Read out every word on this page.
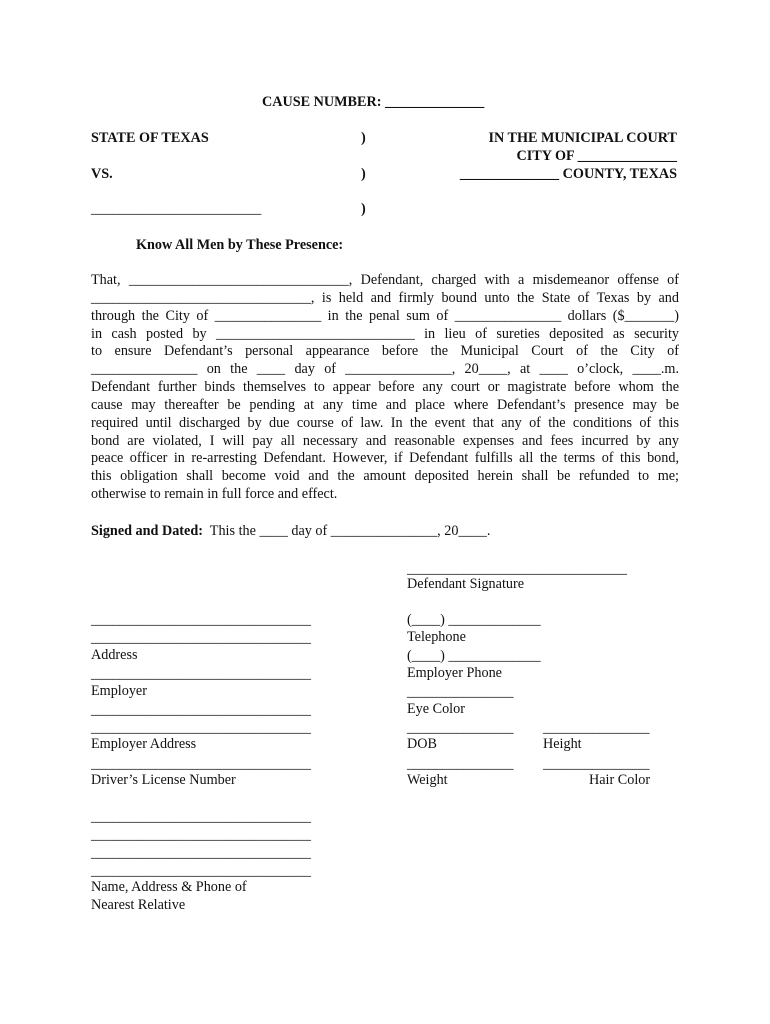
CAUSE NUMBER: ______________
STATE OF TEXAS
VS.
________________________
)
)
)
IN THE MUNICIPAL COURT
CITY OF ______________
______________ COUNTY, TEXAS
Know All Men by These Presence:
That, _______________________________, Defendant, charged with a misdemeanor offense of
_______________________________, is held and firmly bound unto the State of Texas by and
through the City of _______________ in the penal sum of _______________ dollars ($_______)
in cash posted by ____________________________ in lieu of sureties deposited as security
to ensure Defendant’s personal appearance before the Municipal Court of the City of
_______________ on the ____ day of _______________, 20____, at ____ o’clock, ____.m.
Defendant further binds themselves to appear before any court or magistrate before whom the
cause may thereafter be pending at any time and place where Defendant’s presence may be
required until discharged by due course of law. In the event that any of the conditions of this
bond are violated, I will pay all necessary and reasonable expenses and fees incurred by any
peace officer in re-arresting Defendant. However, if Defendant fulfills all the terms of this bond,
this obligation shall become void and the amount deposited herein shall be refunded to me;
otherwise to remain in full force and effect.
Signed and Dated: This the ____ day of _______________, 20____.
_______________________________
Defendant Signature
(____) _____________
Telephone
(____) _____________
Employer Phone
_______________
Eye Color
_______________ _______________
DOB	Height
_______________ _______________
Weight	Hair Color
_______________________________
_______________________________
Address
_______________________________
Employer
_______________________________
_______________________________
Employer Address
_______________________________
Driver’s License Number
_______________________________
_______________________________
_______________________________
_______________________________
Name, Address & Phone of
Nearest Relative
